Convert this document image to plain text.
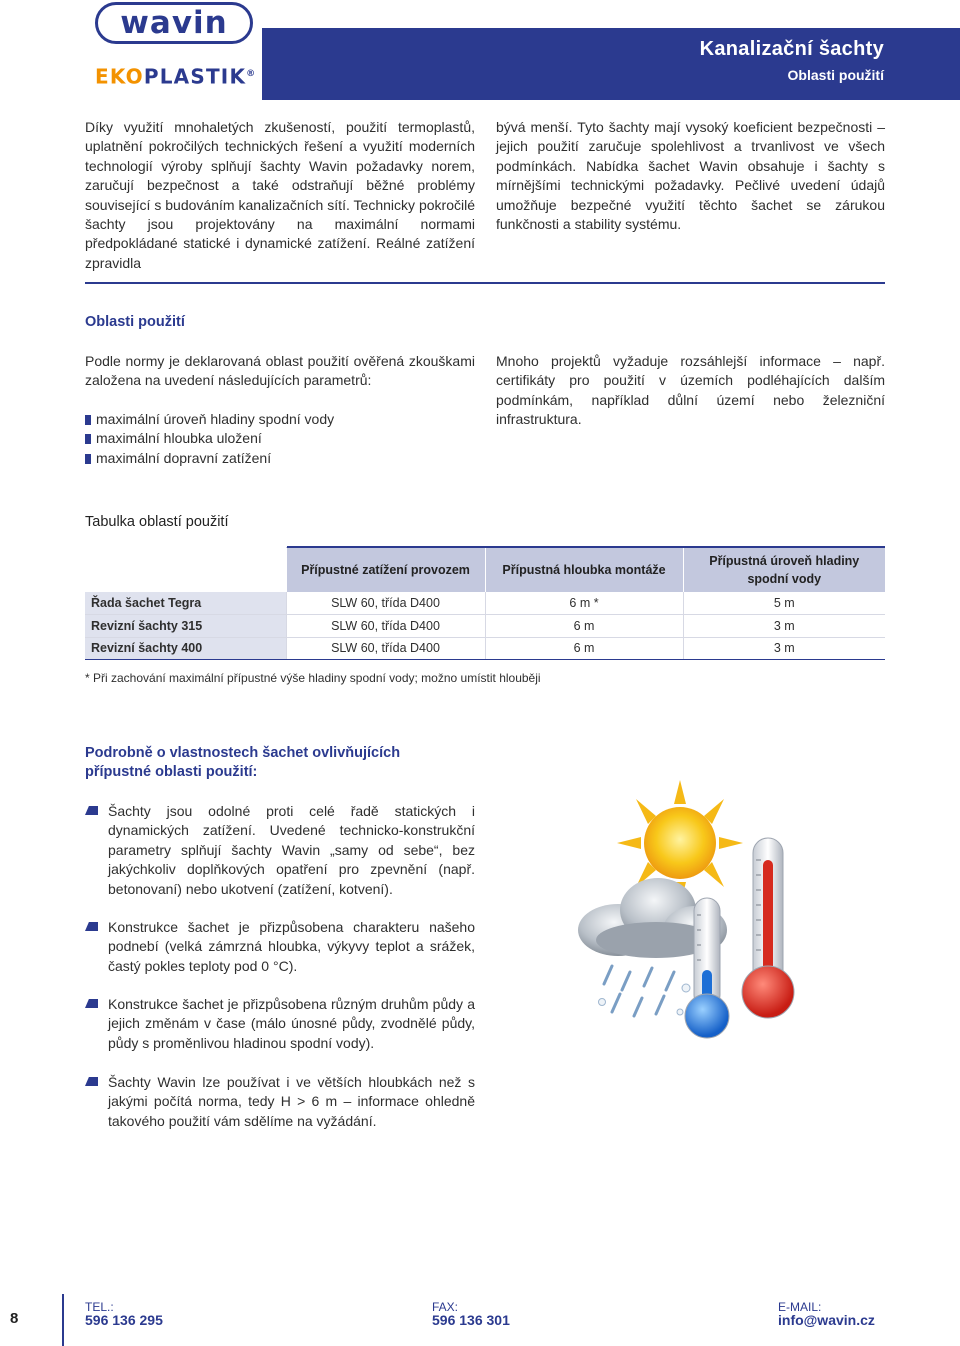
wavin
EKOPLASTIK®
Kanalizační šachty
Oblasti použití
Díky využití mnohaletých zkušeností, použití termoplastů, uplatnění pokročilých technických řešení a využití moderních technologií výroby splňují šachty Wavin požadavky norem, zaručují bezpečnost a také odstraňují běžné problémy související s budováním kanalizačních sítí. Technicky pokročilé šachty jsou projektovány na maximální normami předpokládané statické i dynamické zatížení. Reálné zatížení zpravidla
bývá menší. Tyto šachty mají vysoký koeficient bezpečnosti – jejich použití zaručuje spolehlivost a trvanlivost ve všech podmínkách. Nabídka šachet Wavin obsahuje i šachty s mírnějšími technickými požadavky. Pečlivé uvedení údajů umožňuje bezpečné využití těchto šachet se zárukou funkčnosti a stability systému.
Oblasti použití
Podle normy je deklarovaná oblast použití ověřená zkouškami založena na uvedení následujících parametrů:
maximální úroveň hladiny spodní vody
maximální hloubka uložení
maximální dopravní zatížení
Mnoho projektů vyžaduje rozsáhlejší informace – např. certifikáty pro použití v územích podléhajících dalším podmínkám, například důlní území nebo železniční infrastruktura.
Tabulka oblastí použití
	Přípustné zatížení provozem	Přípustná hloubka montáže	Přípustná úroveň hladiny spodní vody
Řada šachet Tegra	SLW 60, třída D400	6 m *	5 m
Revizní šachty 315	SLW 60, třída D400	6 m	3 m
Revizní šachty 400	SLW 60, třída D400	6 m	3 m
* Při zachování maximální přípustné výše hladiny spodní vody; možno umístit hlouběji
Podrobně o vlastnostech šachet ovlivňujících
přípustné oblasti použití:
Šachty jsou odolné proti celé řadě statických i dynamických zatížení. Uvedené technicko-konstrukční parametry splňují šachty Wavin „samy od sebe“, bez jakýchkoliv doplňkových opatření pro zpevnění (např. betonovaní) nebo ukotvení (zatížení, kotvení).
Konstrukce šachet je přizpůsobena charakteru našeho podnebí (velká zámrzná hloubka, výkyvy teplot a srážek, častý pokles teploty pod 0 °C).
Konstrukce šachet je přizpůsobena různým druhům půdy a jejich změnám v čase (málo únosné půdy, zvodnělé půdy, půdy s proměnlivou hladinou spodní vody).
Šachty Wavin lze používat i ve větších hloubkách než s jakými počítá norma, tedy H > 6 m – informace ohledně takového použití vám sdělíme na vyžádání.
8
TEL.:
596 136 295
FAX:
596 136 301
E-MAIL:
info@wavin.cz
